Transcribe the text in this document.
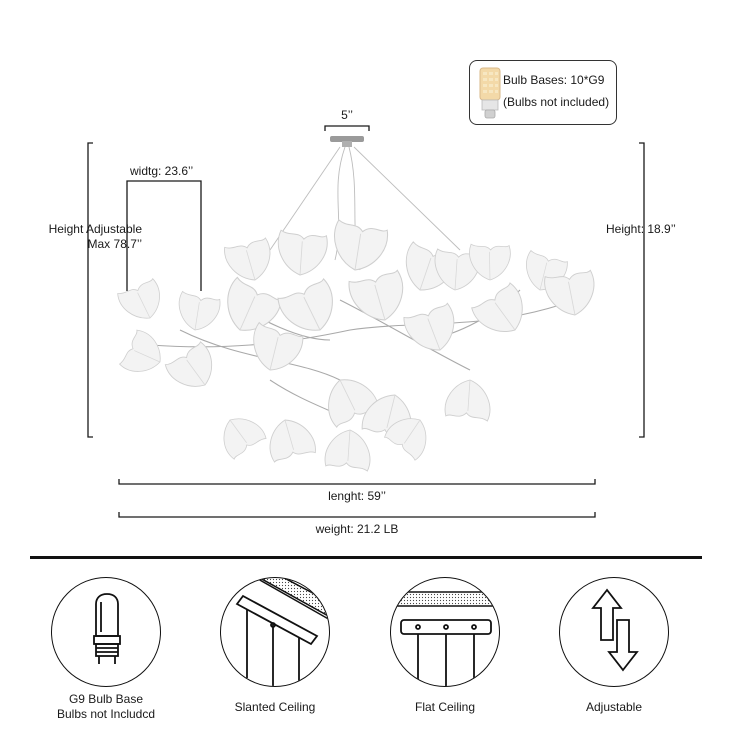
5’’
widtg: 23.6’’
Height Adjustable
Max 78.7’’
Height: 18.9’’
lenght: 59’’
weight: 21.2 LB
Bulb Bases: 10*G9
(Bulbs not included)
G9 Bulb Base
Bulbs not Includcd	Slanted Ceiling	Flat Ceiling	Adjustable
